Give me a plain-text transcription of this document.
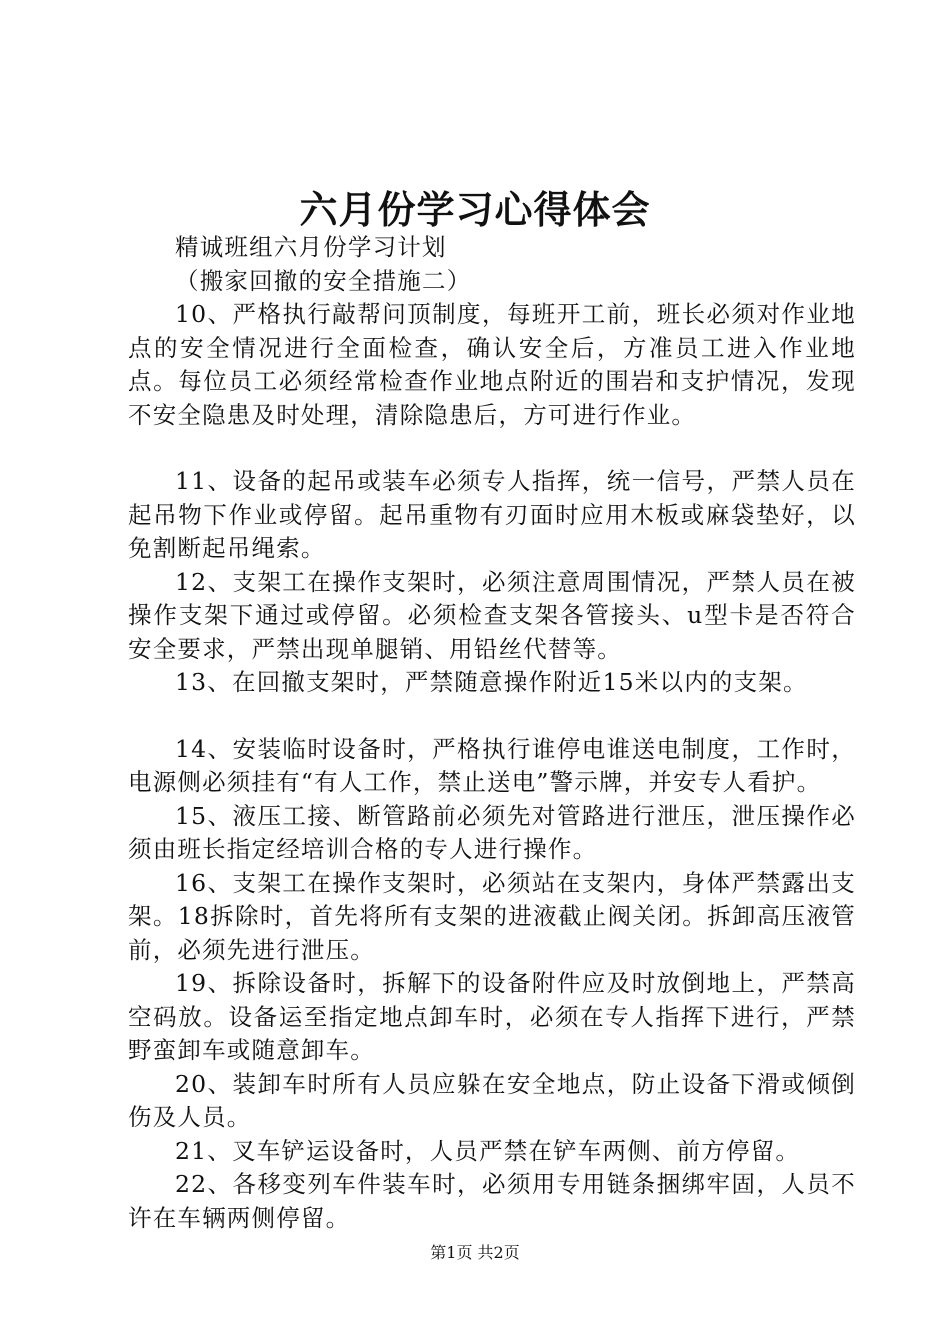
六月份学习心得体会

精诚班组六月份学习计划

（搬家回撤的安全措施二）

10、严格执行敲帮问顶制度，每班开工前，班长必须对作业地点的安全情况进行全面检查，确认安全后，方准员工进入作业地点。每位员工必须经常检查作业地点附近的围岩和支护情况，发现不安全隐患及时处理，清除隐患后，方可进行作业。

11、设备的起吊或装车必须专人指挥，统一信号，严禁人员在起吊物下作业或停留。起吊重物有刃面时应用木板或麻袋垫好，以免割断起吊绳索。

12、支架工在操作支架时，必须注意周围情况，严禁人员在被操作支架下通过或停留。必须检查支架各管接头、u型卡是否符合安全要求，严禁出现单腿销、用铅丝代替等。

13、在回撤支架时，严禁随意操作附近15米以内的支架。

14、安装临时设备时，严格执行谁停电谁送电制度，工作时，电源侧必须挂有“有人工作，禁止送电”警示牌，并安专人看护。

15、液压工接、断管路前必须先对管路进行泄压，泄压操作必须由班长指定经培训合格的专人进行操作。

16、支架工在操作支架时，必须站在支架内，身体严禁露出支架。18拆除时，首先将所有支架的进液截止阀关闭。拆卸高压液管前，必须先进行泄压。

19、拆除设备时，拆解下的设备附件应及时放倒地上，严禁高空码放。设备运至指定地点卸车时，必须在专人指挥下进行，严禁野蛮卸车或随意卸车。

20、装卸车时所有人员应躲在安全地点，防止设备下滑或倾倒伤及人员。

21、叉车铲运设备时，人员严禁在铲车两侧、前方停留。

22、各移变列车件装车时，必须用专用链条捆绑牢固，人员不许在车辆两侧停留。

第1页 共2页
